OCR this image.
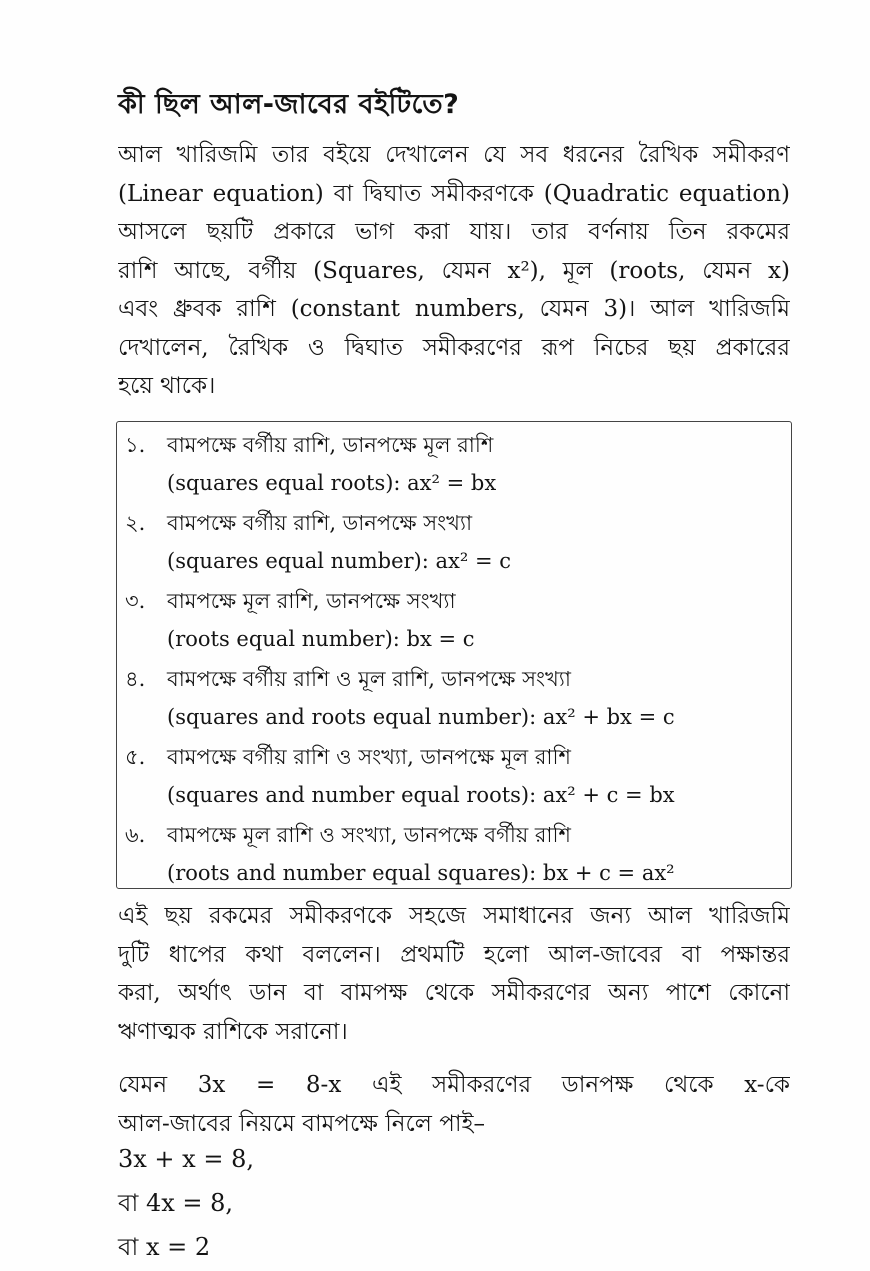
কী ছিল আল-জাবের বইটিতে?
আল খারিজমি তার বইয়ে দেখালেন যে সব ধরনের রৈখিক সমীকরণ
(Linear equation) বা দ্বিঘাত সমীকরণকে (Quadratic equation)
আসলে ছয়টি প্রকারে ভাগ করা যায়। তার বর্ণনায় তিন রকমের
রাশি আছে, বর্গীয় (Squares, যেমন x²), মূল (roots, যেমন x)
এবং ধ্রুবক রাশি (constant numbers, যেমন 3)। আল খারিজমি
দেখালেন, রৈখিক ও দ্বিঘাত সমীকরণের রূপ নিচের ছয় প্রকারের
হয়ে থাকে।
১.	বামপক্ষে বর্গীয় রাশি, ডানপক্ষে মূল রাশি
(squares equal roots): ax² = bx
২.	বামপক্ষে বর্গীয় রাশি, ডানপক্ষে সংখ্যা
(squares equal number): ax² = c
৩.	বামপক্ষে মূল রাশি, ডানপক্ষে সংখ্যা
(roots equal number): bx = c
৪.	বামপক্ষে বর্গীয় রাশি ও মূল রাশি, ডানপক্ষে সংখ্যা
(squares and roots equal number): ax² + bx = c
৫.	বামপক্ষে বর্গীয় রাশি ও সংখ্যা, ডানপক্ষে মূল রাশি
(squares and number equal roots): ax² + c = bx
৬.	বামপক্ষে মূল রাশি ও সংখ্যা, ডানপক্ষে বর্গীয় রাশি
(roots and number equal squares): bx + c = ax²
এই ছয় রকমের সমীকরণকে সহজে সমাধানের জন্য আল খারিজমি
দুটি ধাপের কথা বললেন। প্রথমটি হলো আল-জাবের বা পক্ষান্তর
করা, অর্থাৎ ডান বা বামপক্ষ থেকে সমীকরণের অন্য পাশে কোনো
ঋণাত্মক রাশিকে সরানো।
যেমন 3x = 8-x এই সমীকরণের ডানপক্ষ থেকে x-কে
আল-জাবের নিয়মে বামপক্ষে নিলে পাই–
3x + x = 8,
বা 4x = 8,
বা x = 2
